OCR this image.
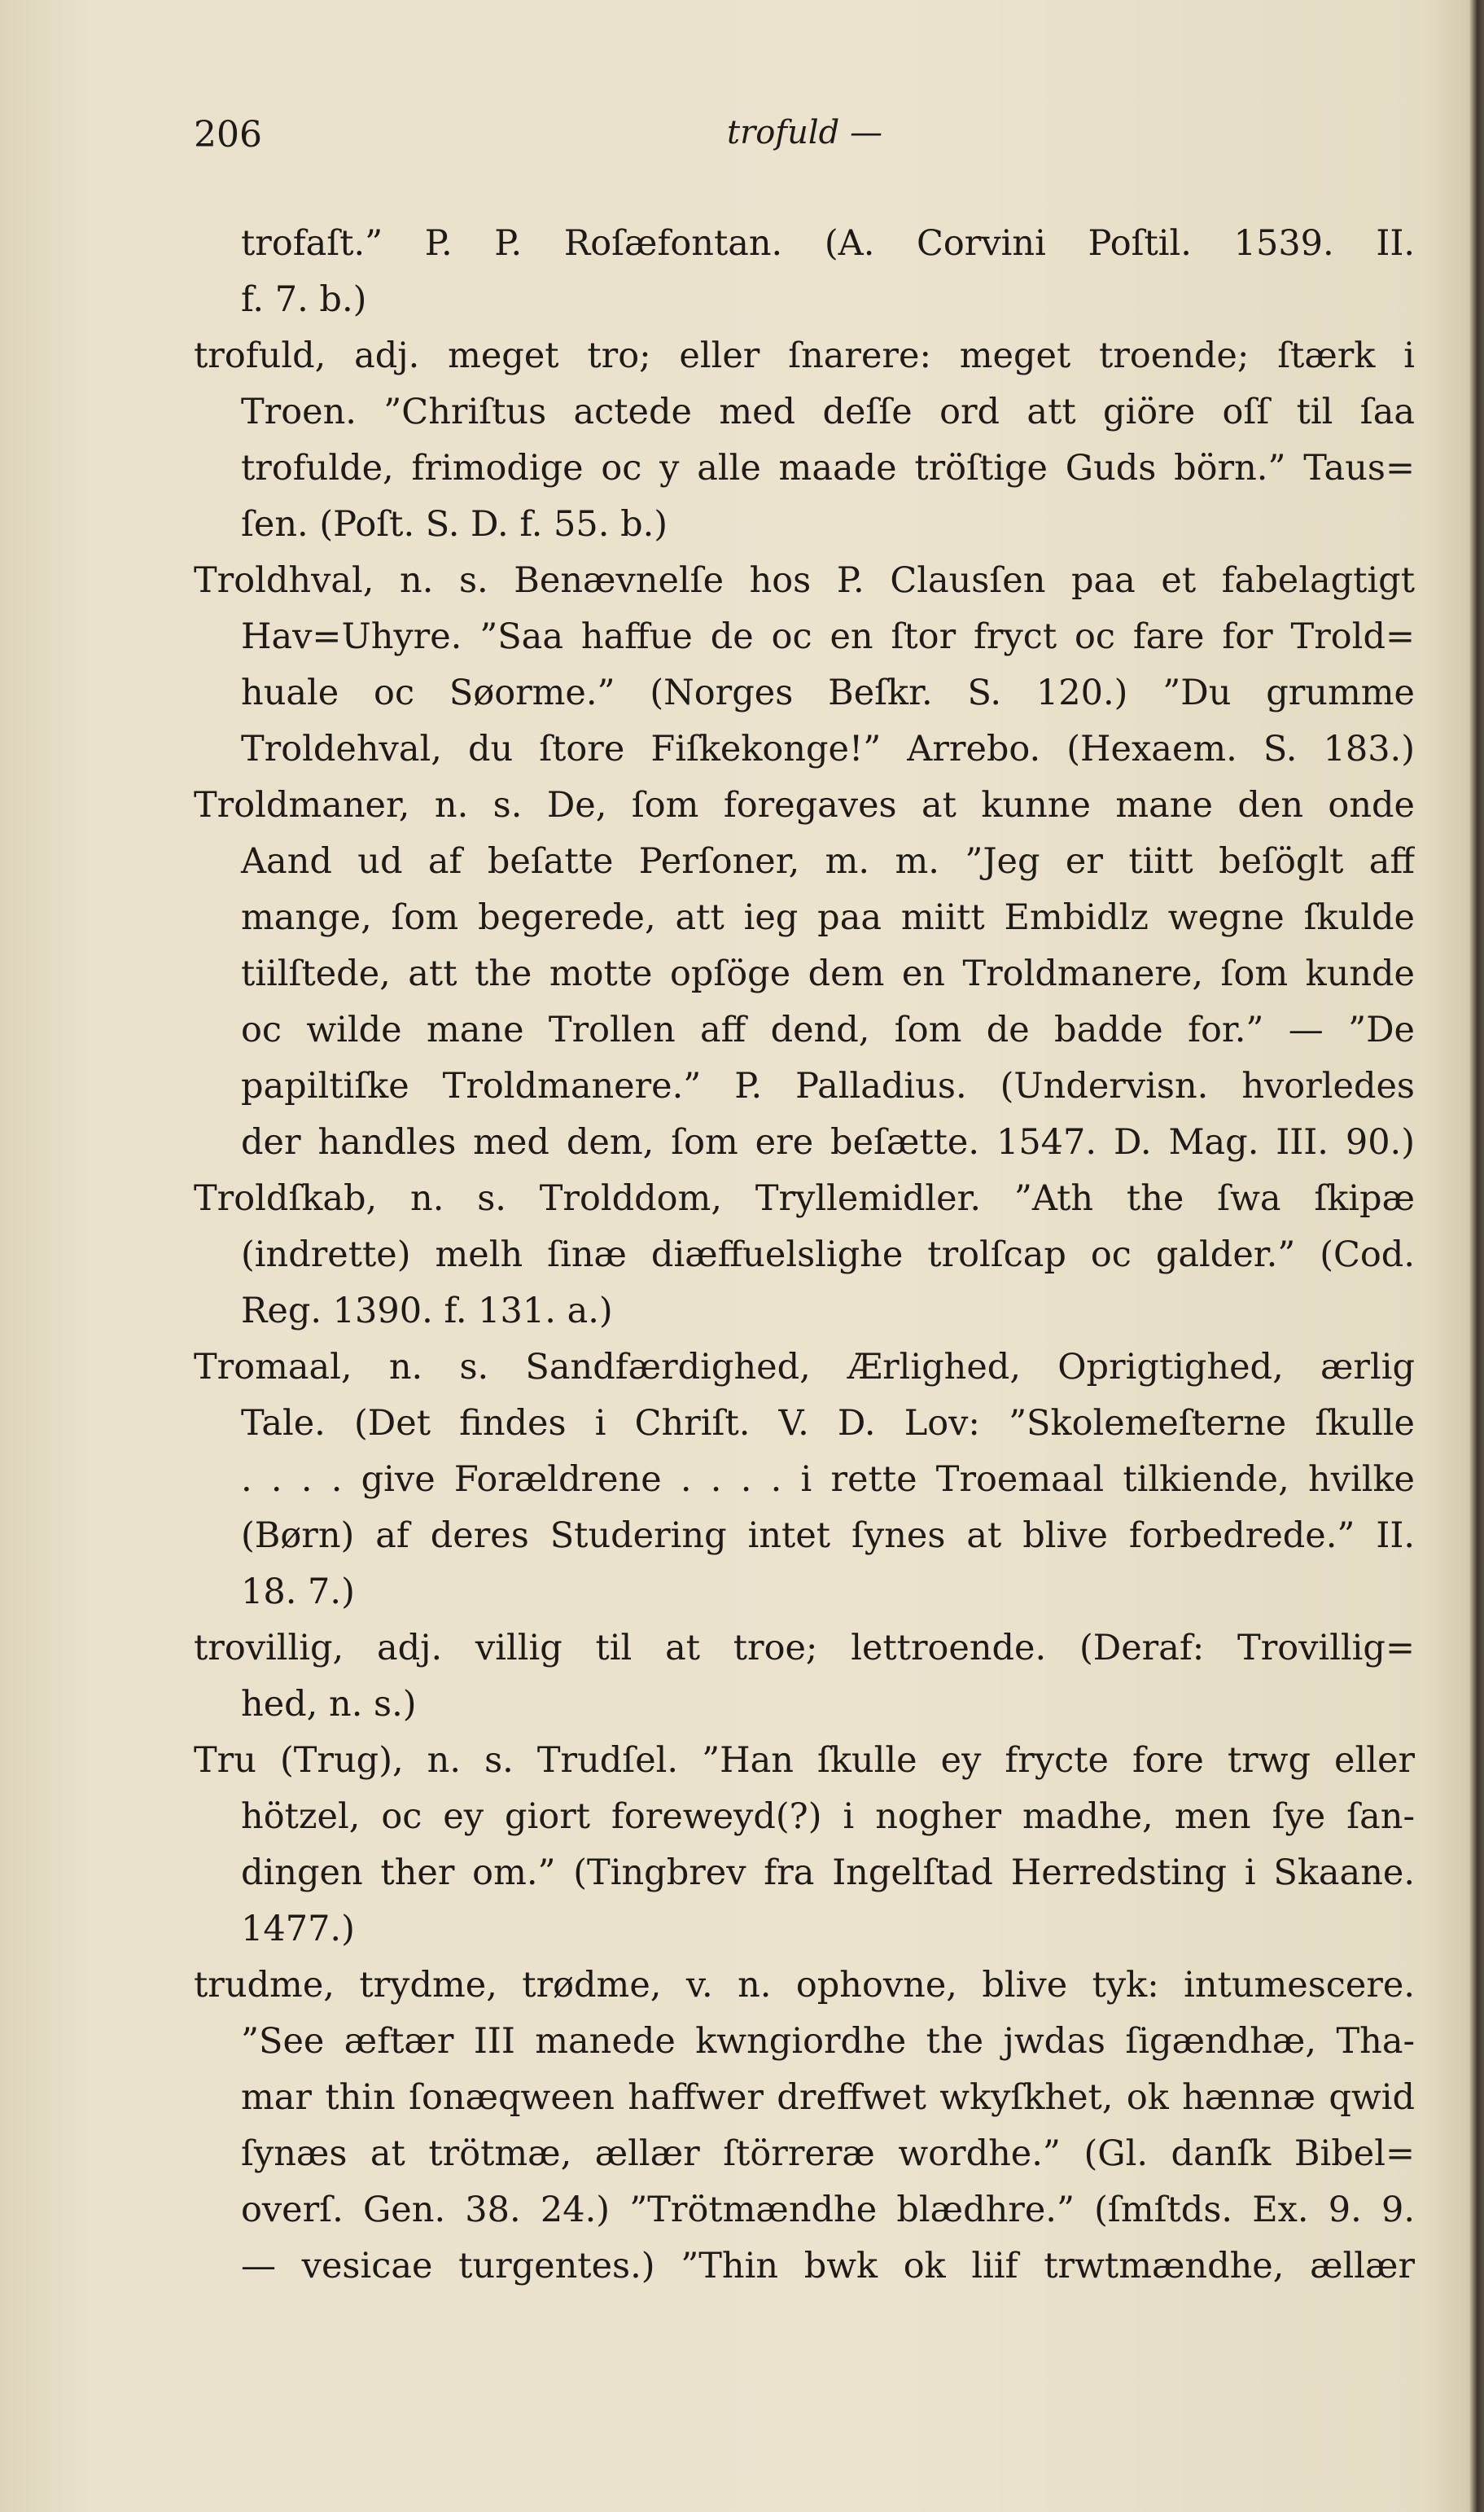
206	trofuld —
trofaſt.” P. P. Roſæfontan. (A. Corvini Poſtil. 1539. II.
f. 7. b.)
trofuld, adj. meget tro; eller ſnarere: meget troende; ſtærk i
Troen. ”Chriſtus actede med deſſe ord att giöre oſſ til ſaa
trofulde, frimodige oc y alle maade tröſtige Guds börn.” Taus=
ſen. (Poſt. S. D. f. 55. b.)
Troldhval, n. s. Benævnelſe hos P. Clausſen paa et fabelagtigt
Hav=Uhyre. ”Saa haffue de oc en ſtor fryct oc fare for Trold=
huale oc Søorme.” (Norges Beſkr. S. 120.) ”Du grumme
Troldehval, du ſtore Fiſkekonge!” Arrebo. (Hexaem. S. 183.)
Troldmaner, n. s. De, ſom foregaves at kunne mane den onde
Aand ud af beſatte Perſoner, m. m. ”Jeg er tiitt beſöglt aff
mange, ſom begerede, att ieg paa miitt Embidlz wegne ſkulde
tiilſtede, att the motte opſöge dem en Troldmanere, ſom kunde
oc wilde mane Trollen aff dend, ſom de badde for.” — ”De
papiltiſke Troldmanere.” P. Palladius. (Undervisn. hvorledes
der handles med dem, ſom ere beſætte. 1547. D. Mag. III. 90.)
Troldſkab, n. s. Trolddom, Tryllemidler. ”Ath the ſwa ſkipæ
(indrette) melh ſinæ diæffuelslighe trolſcap oc galder.” (Cod.
Reg. 1390. f. 131. a.)
Tromaal, n. s. Sandfærdighed, Ærlighed, Oprigtighed, ærlig
Tale. (Det findes i Chriſt. V. D. Lov: ”Skolemeſterne ſkulle
. . . . give Forældrene . . . . i rette Troemaal tilkiende, hvilke
(Børn) af deres Studering intet ſynes at blive forbedrede.” II.
18. 7.)
trovillig, adj. villig til at troe; lettroende. (Deraf: Trovillig=
hed, n. s.)
Tru (Trug), n. s. Trudſel. ”Han ſkulle ey frycte fore trwg eller
hötzel, oc ey giort foreweyd(?) i nogher madhe, men ſye ſan-
dingen ther om.” (Tingbrev fra Ingelſtad Herredsting i Skaane.
1477.)
trudme, trydme, trødme, v. n. ophovne, blive tyk: intumescere.
”See æftær III manede kwngiordhe the jwdas ſigændhæ, Tha-
mar thin ſonæqween haffwer dreffwet wkyſkhet, ok hænnæ qwid
ſynæs at trötmæ, ællær ſtörreræ wordhe.” (Gl. danſk Bibel=
overſ. Gen. 38. 24.) ”Trötmændhe blædhre.” (ſmſtds. Ex. 9. 9.
— vesicae turgentes.) ”Thin bwk ok liif trwtmændhe, ællær
